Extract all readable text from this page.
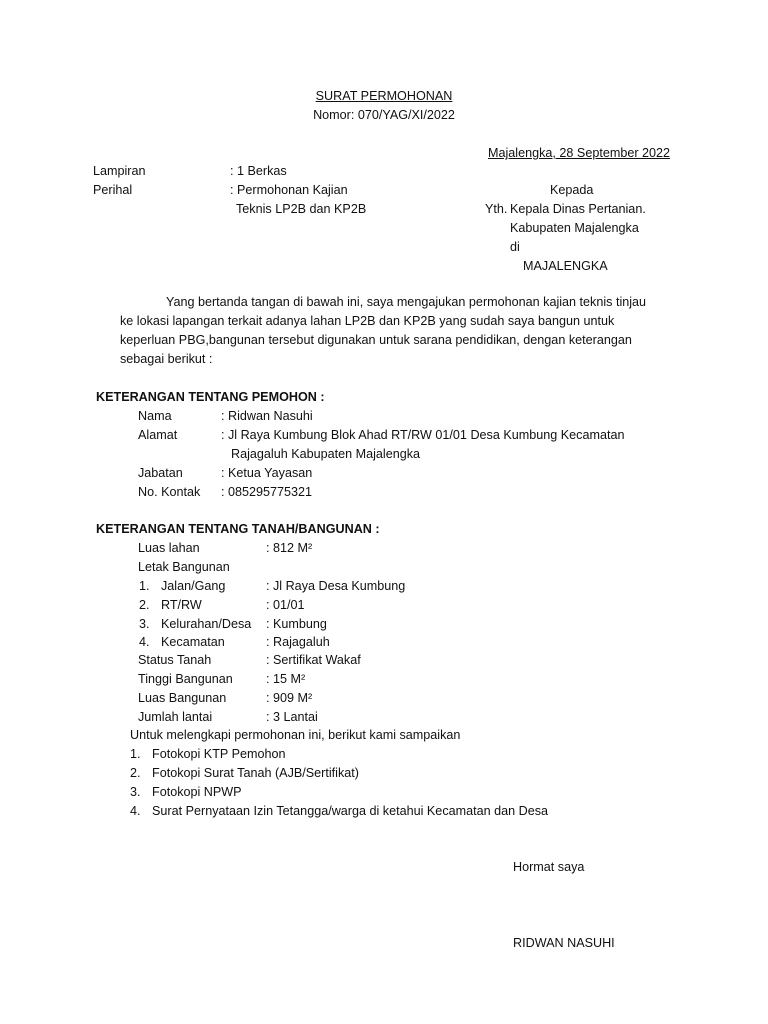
SURAT PERMOHONAN
Nomor: 070/YAG/XI/2022
Majalengka, 28 September 2022
Lampiran	: 1 Berkas
Perihal	: Permohonan Kajian
Teknis LP2B dan KP2B
Kepada
Yth. Kepala Dinas Pertanian.
Kabupaten Majalengka
di
MAJALENGKA
Yang bertanda tangan di bawah ini, saya mengajukan permohonan kajian teknis tinjau
ke lokasi lapangan terkait adanya lahan LP2B dan KP2B yang sudah saya bangun untuk
keperluan PBG,bangunan tersebut digunakan untuk sarana pendidikan, dengan keterangan
sebagai berikut :
KETERANGAN TENTANG PEMOHON :
Nama	: Ridwan Nasuhi
Alamat	: Jl Raya Kumbung Blok Ahad RT/RW 01/01 Desa Kumbung Kecamatan
Rajagaluh Kabupaten Majalengka
Jabatan	: Ketua Yayasan
No. Kontak : 085295775321
KETERANGAN TENTANG TANAH/BANGUNAN :
Luas lahan	: 812 M²
Letak Bangunan
1. Jalan/Gang	: Jl Raya Desa Kumbung
2. RT/RW	: 01/01
3. Kelurahan/Desa : Kumbung
4. Kecamatan	: Rajagaluh
Status Tanah	: Sertifikat Wakaf
Tinggi Bangunan	: 15 M²
Luas Bangunan	: 909 M²
Jumlah lantai	: 3 Lantai
Untuk melengkapi permohonan ini, berikut kami sampaikan
1. Fotokopi KTP Pemohon
2. Fotokopi Surat Tanah (AJB/Sertifikat)
3. Fotokopi NPWP
4. Surat Pernyataan Izin Tetangga/warga di ketahui Kecamatan dan Desa
Hormat saya
RIDWAN NASUHI
